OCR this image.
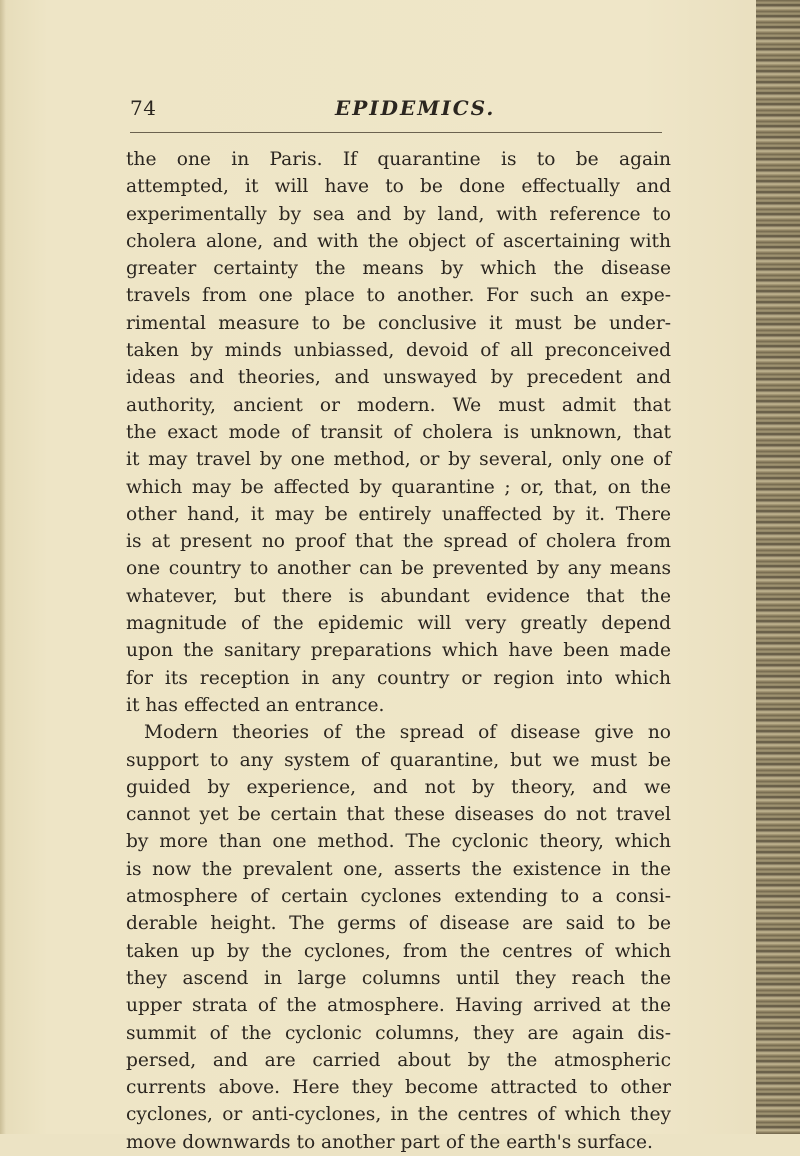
74	EPIDEMICS.
the one in Paris. If quarantine is to be again
attempted, it will have to be done effectually and
experimentally by sea and by land, with reference to
cholera alone, and with the object of ascertaining with
greater certainty the means by which the disease
travels from one place to another. For such an expe-
rimental measure to be conclusive it must be under-
taken by minds unbiassed, devoid of all preconceived
ideas and theories, and unswayed by precedent and
authority, ancient or modern. We must admit that
the exact mode of transit of cholera is unknown, that
it may travel by one method, or by several, only one of
which may be affected by quarantine ; or, that, on the
other hand, it may be entirely unaffected by it. There
is at present no proof that the spread of cholera from
one country to another can be prevented by any means
whatever, but there is abundant evidence that the
magnitude of the epidemic will very greatly depend
upon the sanitary preparations which have been made
for its reception in any country or region into which
it has effected an entrance.
Modern theories of the spread of disease give no
support to any system of quarantine, but we must be
guided by experience, and not by theory, and we
cannot yet be certain that these diseases do not travel
by more than one method. The cyclonic theory, which
is now the prevalent one, asserts the existence in the
atmosphere of certain cyclones extending to a consi-
derable height. The germs of disease are said to be
taken up by the cyclones, from the centres of which
they ascend in large columns until they reach the
upper strata of the atmosphere. Having arrived at the
summit of the cyclonic columns, they are again dis-
persed, and are carried about by the atmospheric
currents above. Here they become attracted to other
cyclones, or anti-cyclones, in the centres of which they
move downwards to another part of the earth's surface.
